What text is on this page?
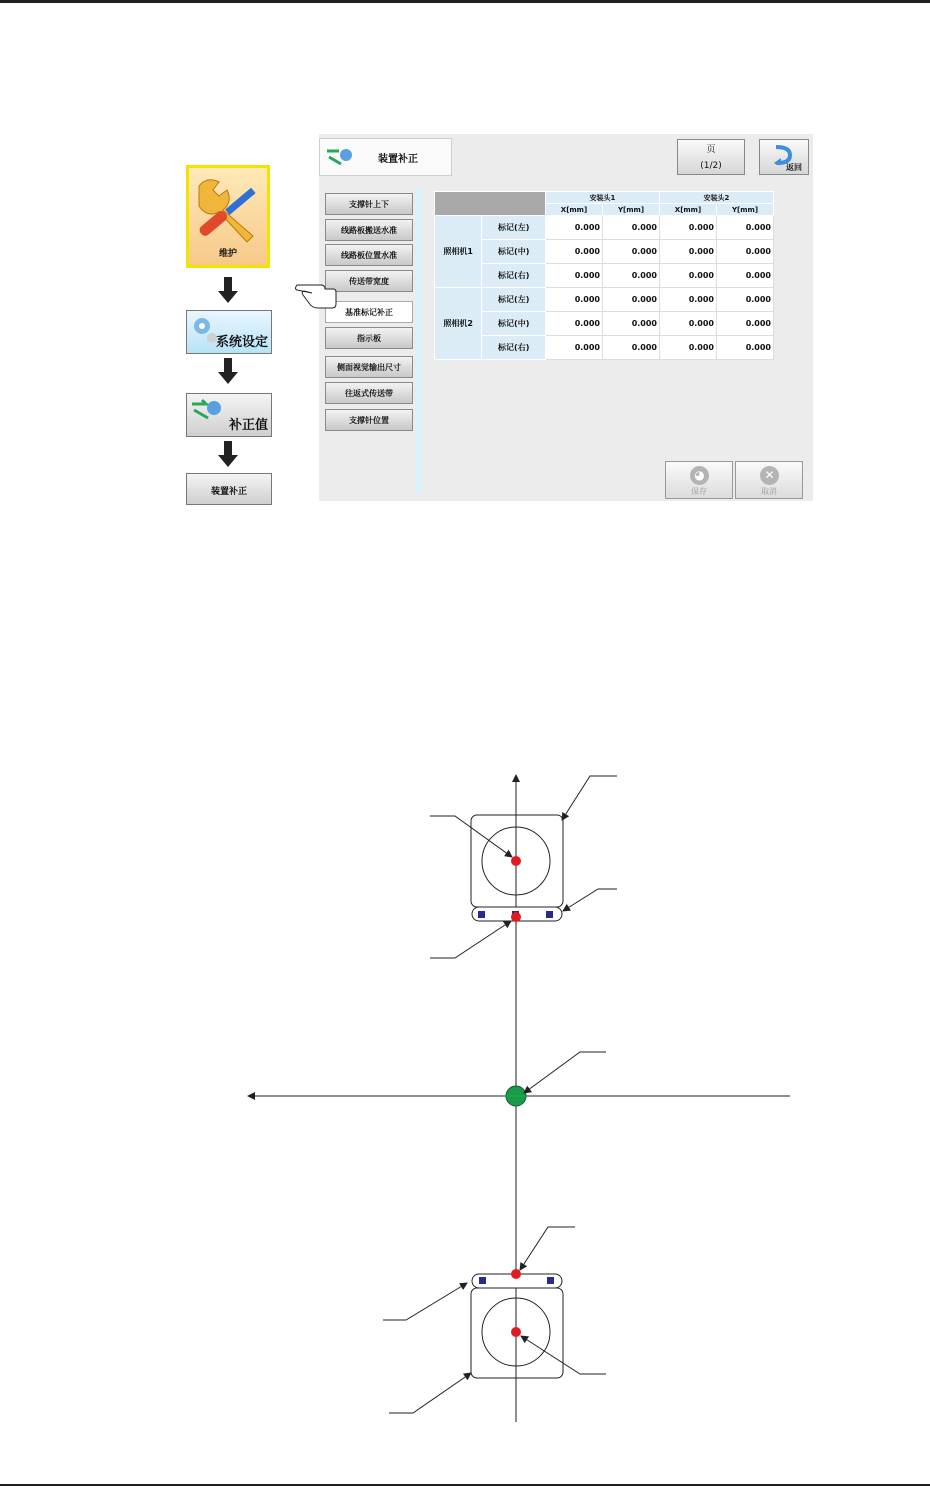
维护
系统设定
补正值
装置补正
装置补正
页
(1/2)	返回
支撑针上下
线路板搬送水准
线路板位置水准
传送带宽度
基准标记补正
指示板
侧面视觉输出尺寸
往返式传送带
支撑针位置
		安装头1		安装头2	
		X[mm]	Y[mm]	X[mm]	Y[mm]
照相机1	标记(左)	0.000	0.000	0.000	0.000
	标记(中)	0.000	0.000	0.000	0.000
	标记(右)	0.000	0.000	0.000	0.000
照相机2	标记(左)	0.000	0.000	0.000	0.000
	标记(中)	0.000	0.000	0.000	0.000
	标记(右)	0.000	0.000	0.000	0.000
◕
保存
✕
取消
